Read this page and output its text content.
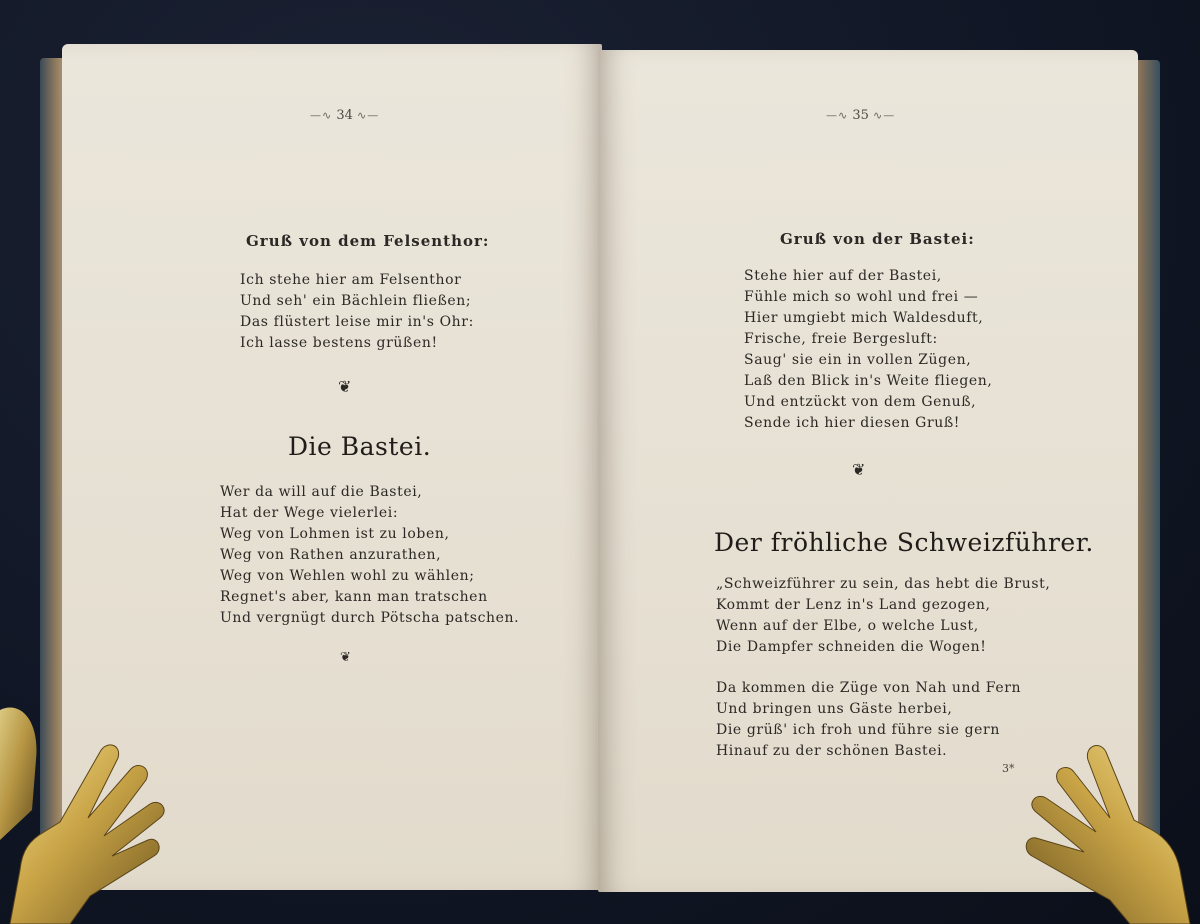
—∿ 34 ∿—
Gruß von dem Felsenthor:
Ich stehe hier am Felsenthor
Und seh' ein Bächlein fließen;
Das flüstert leise mir in's Ohr:
Ich lasse bestens grüßen!
❦
Die Bastei.
Wer da will auf die Bastei,
Hat der Wege vielerlei:
Weg von Lohmen ist zu loben,
Weg von Rathen anzurathen,
Weg von Wehlen wohl zu wählen;
Regnet's aber, kann man tratschen
Und vergnügt durch Pötscha patschen.
❦
—∿ 35 ∿—
Gruß von der Bastei:
Stehe hier auf der Bastei,
Fühle mich so wohl und frei —
Hier umgiebt mich Waldesduft,
Frische, freie Bergesluft:
Saug' sie ein in vollen Zügen,
Laß den Blick in's Weite fliegen,
Und entzückt von dem Genuß,
Sende ich hier diesen Gruß!
❦
Der fröhliche Schweizführer.
„Schweizführer zu sein, das hebt die Brust,
Kommt der Lenz in's Land gezogen,
Wenn auf der Elbe, o welche Lust,
Die Dampfer schneiden die Wogen!
Da kommen die Züge von Nah und Fern
Und bringen uns Gäste herbei,
Die grüß' ich froh und führe sie gern
Hinauf zu der schönen Bastei.
3*
